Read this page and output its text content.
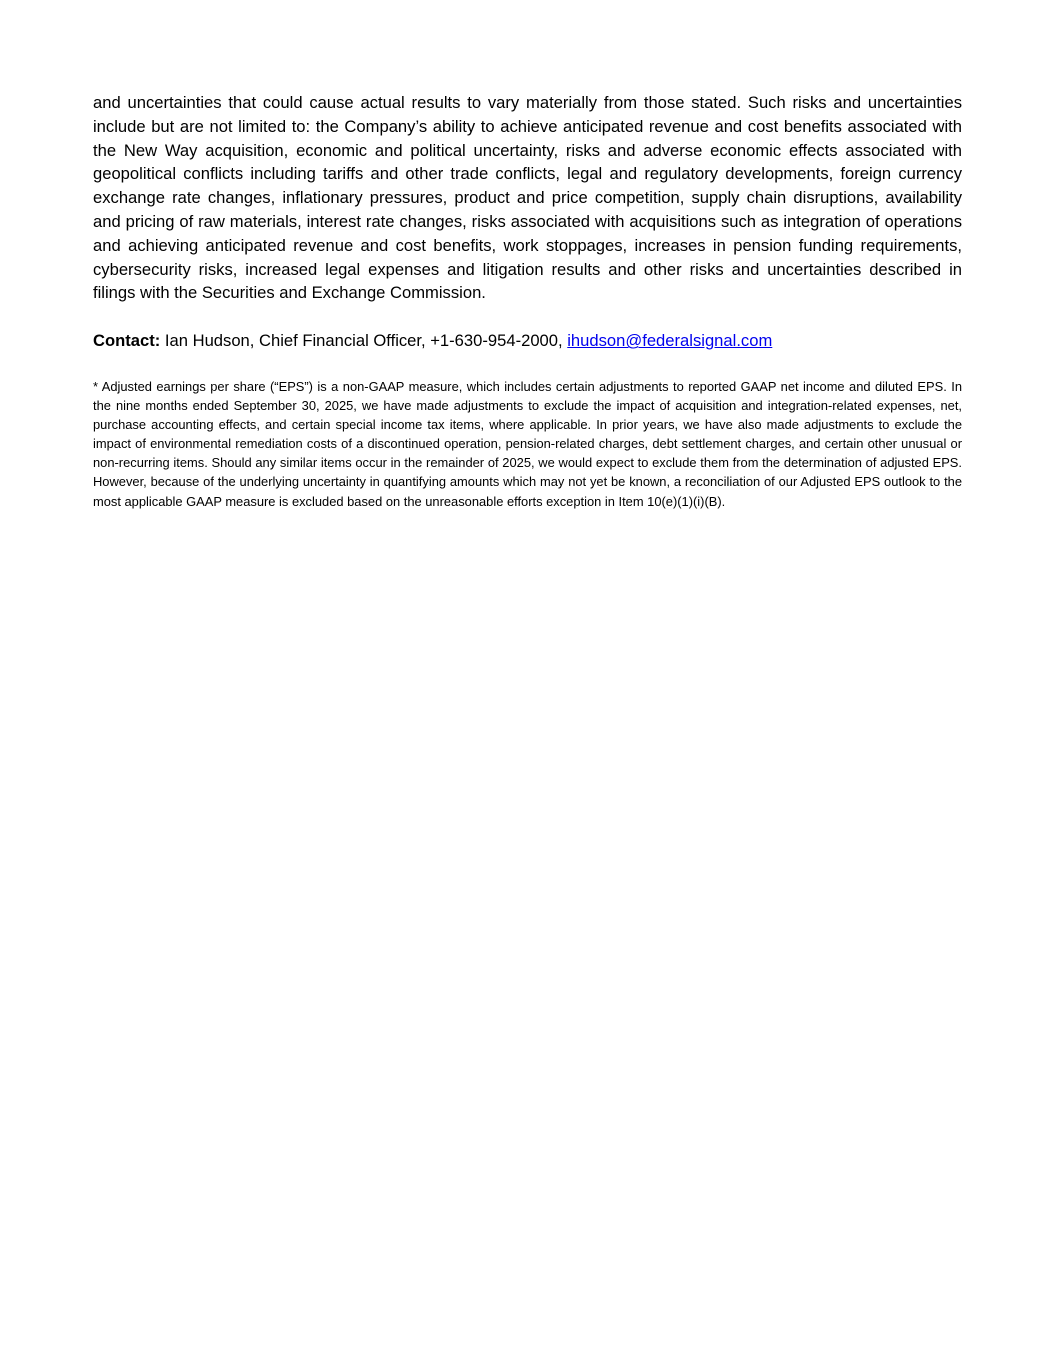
and uncertainties that could cause actual results to vary materially from those stated. Such risks and uncertainties include but are not limited to: the Company’s ability to achieve anticipated revenue and cost benefits associated with the New Way acquisition, economic and political uncertainty, risks and adverse economic effects associated with geopolitical conflicts including tariffs and other trade conflicts, legal and regulatory developments, foreign currency exchange rate changes, inflationary pressures, product and price competition, supply chain disruptions, availability and pricing of raw materials, interest rate changes, risks associated with acquisitions such as integration of operations and achieving anticipated revenue and cost benefits, work stoppages, increases in pension funding requirements, cybersecurity risks, increased legal expenses and litigation results and other risks and uncertainties described in filings with the Securities and Exchange Commission.

Contact: Ian Hudson, Chief Financial Officer, +1-630-954-2000, ihudson@federalsignal.com

* Adjusted earnings per share (“EPS”) is a non-GAAP measure, which includes certain adjustments to reported GAAP net income and diluted EPS. In the nine months ended September 30, 2025, we have made adjustments to exclude the impact of acquisition and integration-related expenses, net, purchase accounting effects, and certain special income tax items, where applicable. In prior years, we have also made adjustments to exclude the impact of environmental remediation costs of a discontinued operation, pension-related charges, debt settlement charges, and certain other unusual or non-recurring items. Should any similar items occur in the remainder of 2025, we would expect to exclude them from the determination of adjusted EPS. However, because of the underlying uncertainty in quantifying amounts which may not yet be known, a reconciliation of our Adjusted EPS outlook to the most applicable GAAP measure is excluded based on the unreasonable efforts exception in Item 10(e)(1)(i)(B).
